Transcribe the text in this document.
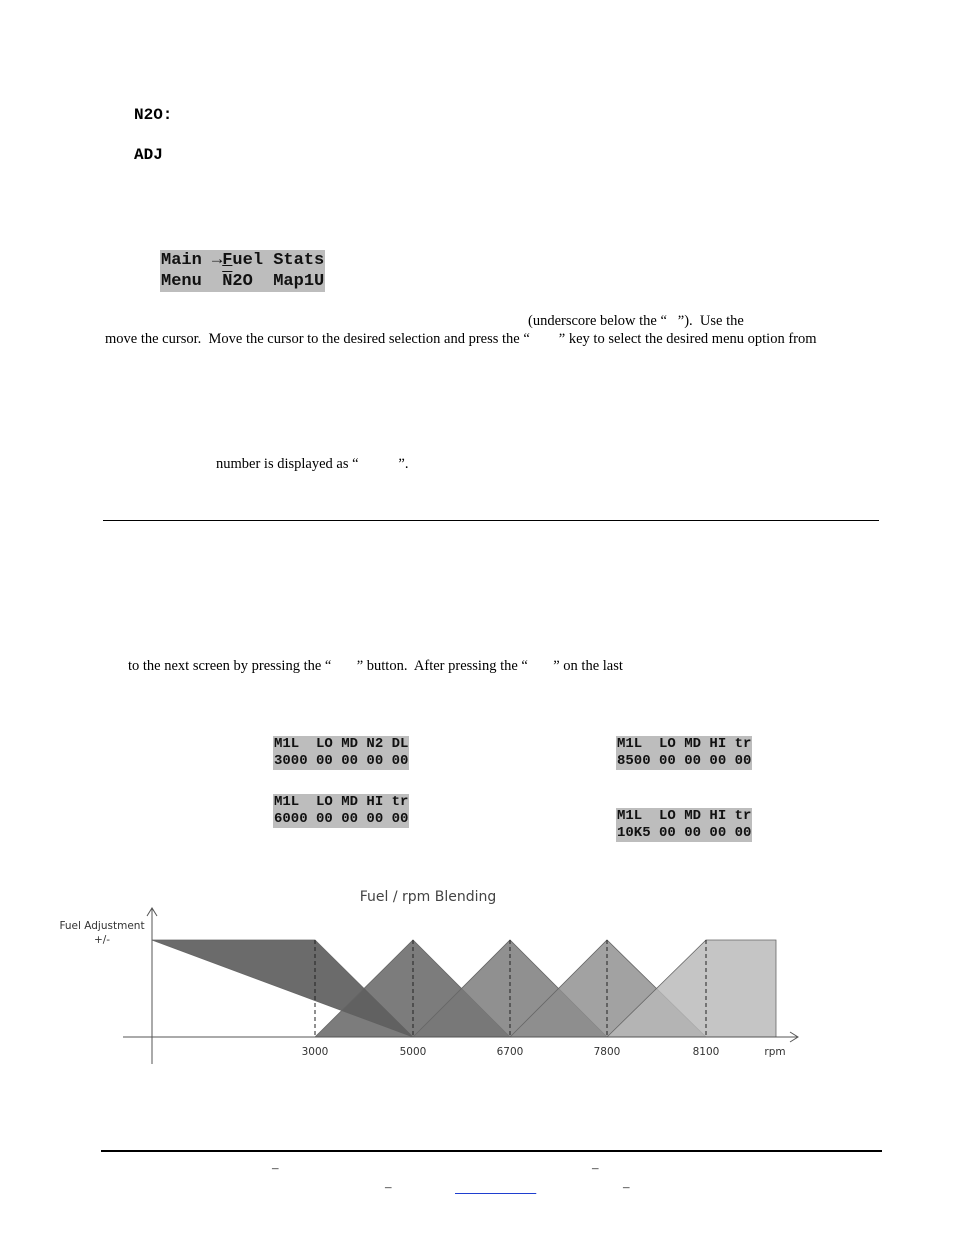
N2O:
ADJ
Main →Fuel Stats
Menu  $\overline{N}2O$  Map1U
(underscore below the “   ”).  Use the
move the cursor.  Move the cursor to the desired selection and press the “        ” key to select the desired menu option from
number is displayed as “           ”.
to the next screen by pressing the “       ” button.  After pressing the “       ” on the last
M1L  LO MD N2 DL
3000 00 00 00 00
M1L  LO MD HI tr
6000 00 00 00 00
M1L  LO MD HI tr
8500 00 00 00 00
M1L  LO MD HI tr
10K5 00 00 00 00
Fuel / rpm Blending
Fuel Adjustment
+/-
3000	5000	6700	7800	8100	rpm
–	–
–
	–
